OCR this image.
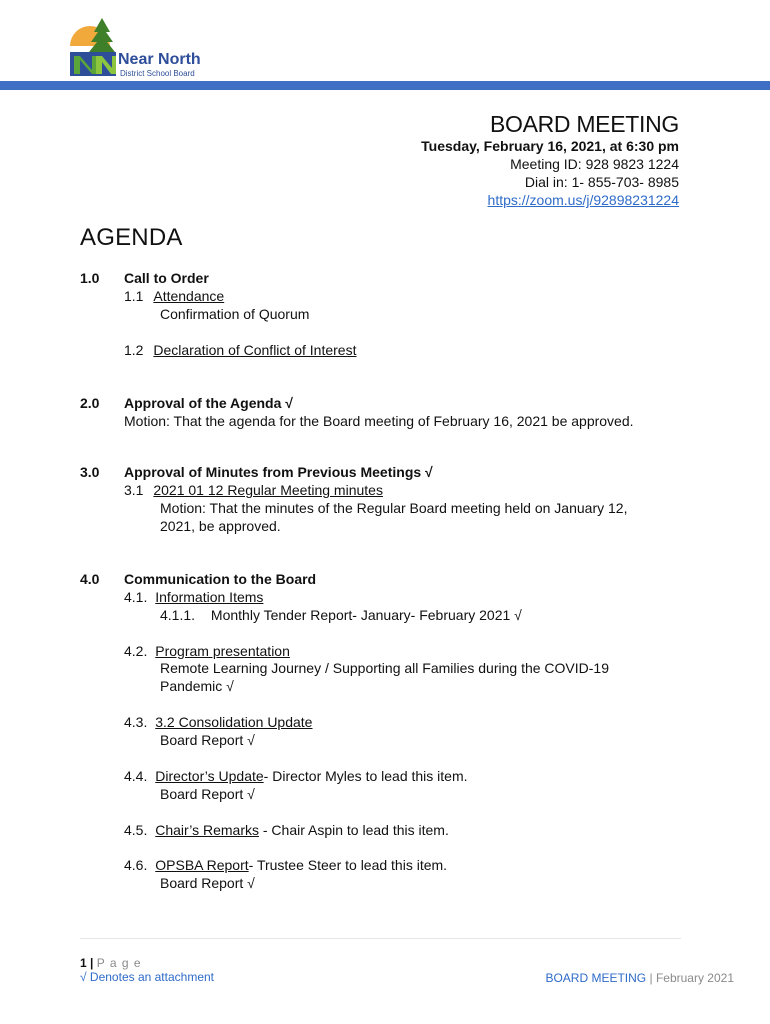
Near North
District School Board
BOARD MEETING
Tuesday, February 16, 2021, at 6:30 pm
Meeting ID: 928 9823 1224
Dial in: 1- 855-703- 8985
https://zoom.us/j/92898231224
AGENDA
1.0 Call to Order
1.1 Attendance
Confirmation of Quorum
1.2 Declaration of Conflict of Interest
2.0 Approval of the Agenda √
Motion: That the agenda for the Board meeting of February 16, 2021 be approved.
3.0 Approval of Minutes from Previous Meetings √
3.1 2021 01 12 Regular Meeting minutes
Motion: That the minutes of the Regular Board meeting held on January 12,
2021, be approved.
4.0 Communication to the Board
4.1. Information Items
4.1.1. Monthly Tender Report- January- February 2021 √
4.2. Program presentation
Remote Learning Journey / Supporting all Families during the COVID-19
Pandemic √
4.3. 3.2 Consolidation Update
Board Report √
4.4. Director’s Update- Director Myles to lead this item.
Board Report √
4.5. Chair’s Remarks - Chair Aspin to lead this item.
4.6. OPSBA Report- Trustee Steer to lead this item.
Board Report √
1 | P a g e
√ Denotes an attachment	BOARD MEETING | February 2021
